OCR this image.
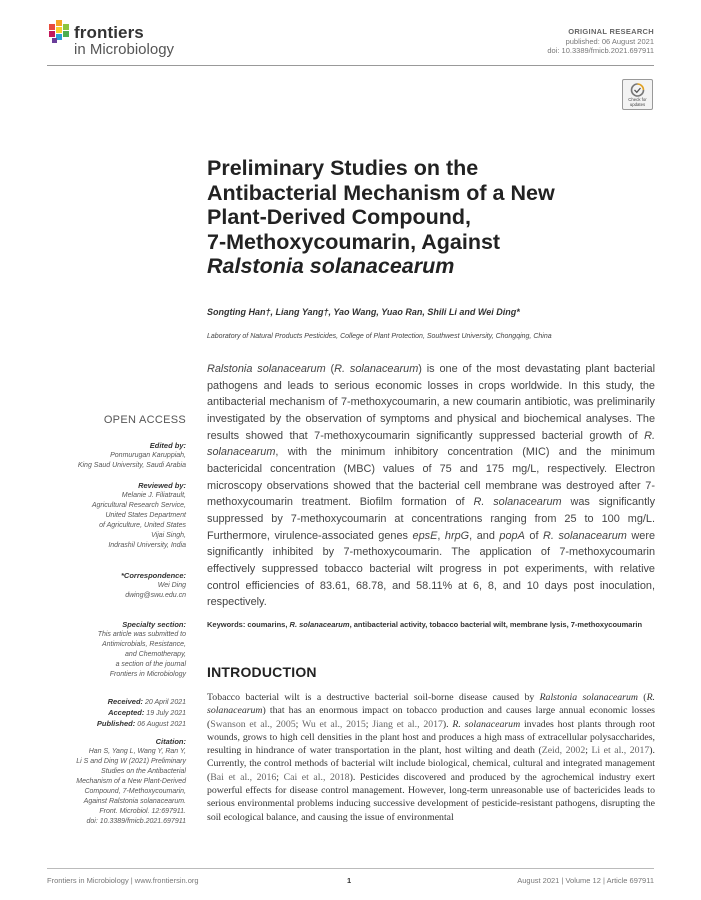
frontiers
in Microbiology
ORIGINAL RESEARCH
published: 06 August 2021
doi: 10.3389/fmicb.2021.697911
Check for updates
Preliminary Studies on the
Antibacterial Mechanism of a New
Plant-Derived Compound,
7-Methoxycoumarin, Against
Ralstonia solanacearum
Songting Han†, Liang Yang†, Yao Wang, Yuao Ran, Shili Li and Wei Ding*
Laboratory of Natural Products Pesticides, College of Plant Protection, Southwest University, Chongqing, China
Ralstonia solanacearum (R. solanacearum) is one of the most devastating plant bacterial pathogens and leads to serious economic losses in crops worldwide. In this study, the antibacterial mechanism of 7-methoxycoumarin, a new coumarin antibiotic, was preliminarily investigated by the observation of symptoms and physical and biochemical analyses. The results showed that 7-methoxycoumarin significantly suppressed bacterial growth of R. solanacearum, with the minimum inhibitory concentration (MIC) and the minimum bactericidal concentration (MBC) values of 75 and 175 mg/L, respectively. Electron microscopy observations showed that the bacterial cell membrane was destroyed after 7-methoxycoumarin treatment. Biofilm formation of R. solanacearum was significantly suppressed by 7-methoxycoumarin at concentrations ranging from 25 to 100 mg/L. Furthermore, virulence-associated genes epsE, hrpG, and popA of R. solanacearum were significantly inhibited by 7-methoxycoumarin. The application of 7-methoxycoumarin effectively suppressed tobacco bacterial wilt progress in pot experiments, with relative control efficiencies of 83.61, 68.78, and 58.11% at 6, 8, and 10 days post inoculation, respectively.
Keywords: coumarins, R. solanacearum, antibacterial activity, tobacco bacterial wilt, membrane lysis, 7-methoxycoumarin
INTRODUCTION
Tobacco bacterial wilt is a destructive bacterial soil-borne disease caused by Ralstonia solanacearum (R. solanacearum) that has an enormous impact on tobacco production and causes large annual economic losses (Swanson et al., 2005; Wu et al., 2015; Jiang et al., 2017). R. solanacearum invades host plants through root wounds, grows to high cell densities in the plant host and produces a high mass of extracellular polysaccharides, resulting in hindrance of water transportation in the plant, host wilting and death (Zeid, 2002; Li et al., 2017). Currently, the control methods of bacterial wilt include biological, chemical, cultural and integrated management (Bai et al., 2016; Cai et al., 2018). Pesticides discovered and produced by the agrochemical industry exert powerful effects for disease control management. However, long-term unreasonable use of bactericides leads to serious environmental problems inducing successive development of pesticide-resistant pathogens, disrupting the soil ecological balance, and causing the issue of environmental
OPEN ACCESS
Edited by:
Ponmurugan Karuppiah,
King Saud University, Saudi Arabia
Reviewed by:
Melanie J. Filiatrault,
Agricultural Research Service,
United States Department
of Agriculture, United States
Vijai Singh,
Indrashil University, India
*Correspondence:
Wei Ding
dwing@swu.edu.cn
Specialty section:
This article was submitted to
Antimicrobials, Resistance,
and Chemotherapy,
a section of the journal
Frontiers in Microbiology
Received: 20 April 2021
Accepted: 19 July 2021
Published: 06 August 2021
Citation:
Han S, Yang L, Wang Y, Ran Y,
Li S and Ding W (2021) Preliminary
Studies on the Antibacterial
Mechanism of a New Plant-Derived
Compound, 7-Methoxycoumarin,
Against Ralstonia solanacearum.
Front. Microbiol. 12:697911.
doi: 10.3389/fmicb.2021.697911
Frontiers in Microbiology | www.frontiersin.org	1	August 2021 | Volume 12 | Article 697911
